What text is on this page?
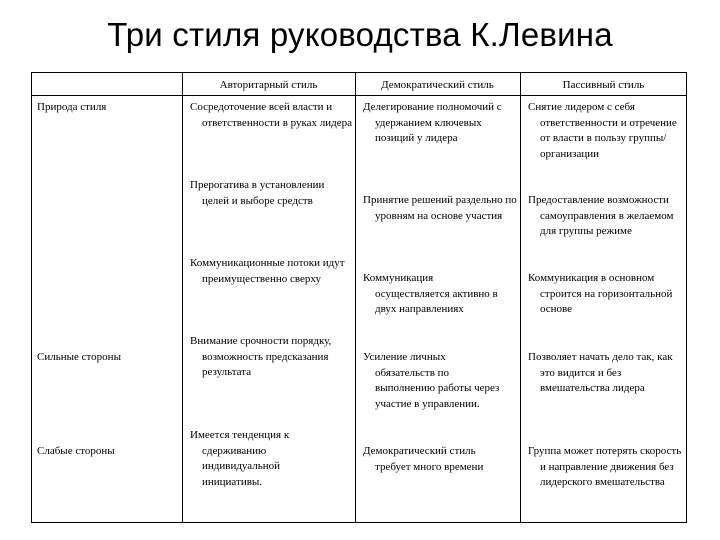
Три стиля руководства К.Левина
Авторитарный стиль	Демократический стиль	Пассивный стиль
Природа стиля
Сильные стороны
Слабые стороны
Сосредоточение всей власти и ответственности в руках лидера
Прерогатива в установлении целей и выборе средств
Коммуникационные потоки идут преимущественно сверху
Внимание срочности порядку, возможность предсказания результата
Имеется тенденция к сдерживанию индивидуальной инициативы.
Делегирование полномочий с удержанием ключевых позиций у лидера
Принятие решений раздельно по уровням на основе участия
Коммуникация осуществляется активно в двух направлениях
Усиление личных обязательств по выполнению работы через участие в управлении.
Демократический стиль требует много времени
Снятие лидером с себя ответственности и отречение от власти в пользу группы/организации
Предоставление возможности самоуправления в желаемом для группы режиме
Коммуникация в основном строится на горизонтальной основе
Позволяет начать дело так, как это видится и без вмешательства лидера
Группа может потерять скорость и направление движения без лидерского вмешательства
